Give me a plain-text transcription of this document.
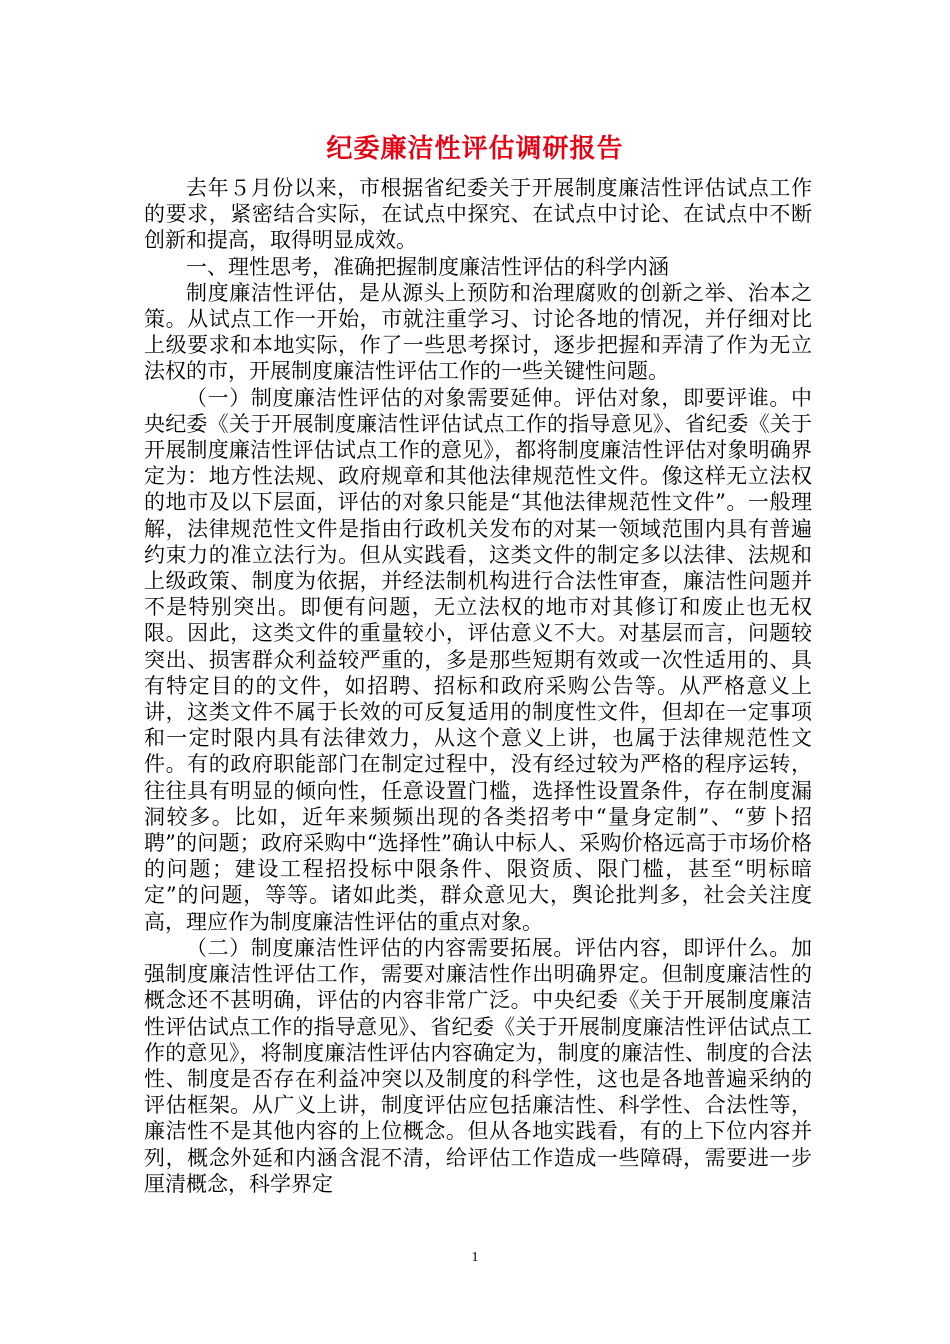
纪委廉洁性评估调研报告

去年５月份以来，市根据省纪委关于开展制度廉洁性评估试点工作的要求，紧密结合实际，在试点中探究、在试点中讨论、在试点中不断创新和提高，取得明显成效。

一、理性思考，准确把握制度廉洁性评估的科学内涵

制度廉洁性评估，是从源头上预防和治理腐败的创新之举、治本之策。从试点工作一开始，市就注重学习、讨论各地的情况，并仔细对比上级要求和本地实际，作了一些思考探讨，逐步把握和弄清了作为无立法权的市，开展制度廉洁性评估工作的一些关键性问题。

（一）制度廉洁性评估的对象需要延伸。评估对象，即要评谁。中央纪委《关于开展制度廉洁性评估试点工作的指导意见》、省纪委《关于开展制度廉洁性评估试点工作的意见》，都将制度廉洁性评估对象明确界定为：地方性法规、政府规章和其他法律规范性文件。像这样无立法权的地市及以下层面，评估的对象只能是“其他法律规范性文件”。一般理解，法律规范性文件是指由行政机关发布的对某一领域范围内具有普遍约束力的准立法行为。但从实践看，这类文件的制定多以法律、法规和上级政策、制度为依据，并经法制机构进行合法性审查，廉洁性问题并不是特别突出。即便有问题，无立法权的地市对其修订和废止也无权限。因此，这类文件的重量较小，评估意义不大。对基层而言，问题较突出、损害群众利益较严重的，多是那些短期有效或一次性适用的、具有特定目的的文件，如招聘、招标和政府采购公告等。从严格意义上讲，这类文件不属于长效的可反复适用的制度性文件，但却在一定事项和一定时限内具有法律效力，从这个意义上讲，也属于法律规范性文件。有的政府职能部门在制定过程中，没有经过较为严格的程序运转，往往具有明显的倾向性，任意设置门槛，选择性设置条件，存在制度漏洞较多。比如，近年来频频出现的各类招考中“量身定制”、“萝卜招聘”的问题；政府采购中“选择性”确认中标人、采购价格远高于市场价格的问题；建设工程招投标中限条件、限资质、限门槛，甚至“明标暗定”的问题，等等。诸如此类，群众意见大，舆论批判多，社会关注度高，理应作为制度廉洁性评估的重点对象。

（二）制度廉洁性评估的内容需要拓展。评估内容，即评什么。加强制度廉洁性评估工作，需要对廉洁性作出明确界定。但制度廉洁性的概念还不甚明确，评估的内容非常广泛。中央纪委《关于开展制度廉洁性评估试点工作的指导意见》、省纪委《关于开展制度廉洁性评估试点工作的意见》，将制度廉洁性评估内容确定为，制度的廉洁性、制度的合法性、制度是否存在利益冲突以及制度的科学性，这也是各地普遍采纳的评估框架。从广义上讲，制度评估应包括廉洁性、科学性、合法性等，廉洁性不是其他内容的上位概念。但从各地实践看，有的上下位内容并列，概念外延和内涵含混不清，给评估工作造成一些障碍，需要进一步厘清概念，科学界定

1
